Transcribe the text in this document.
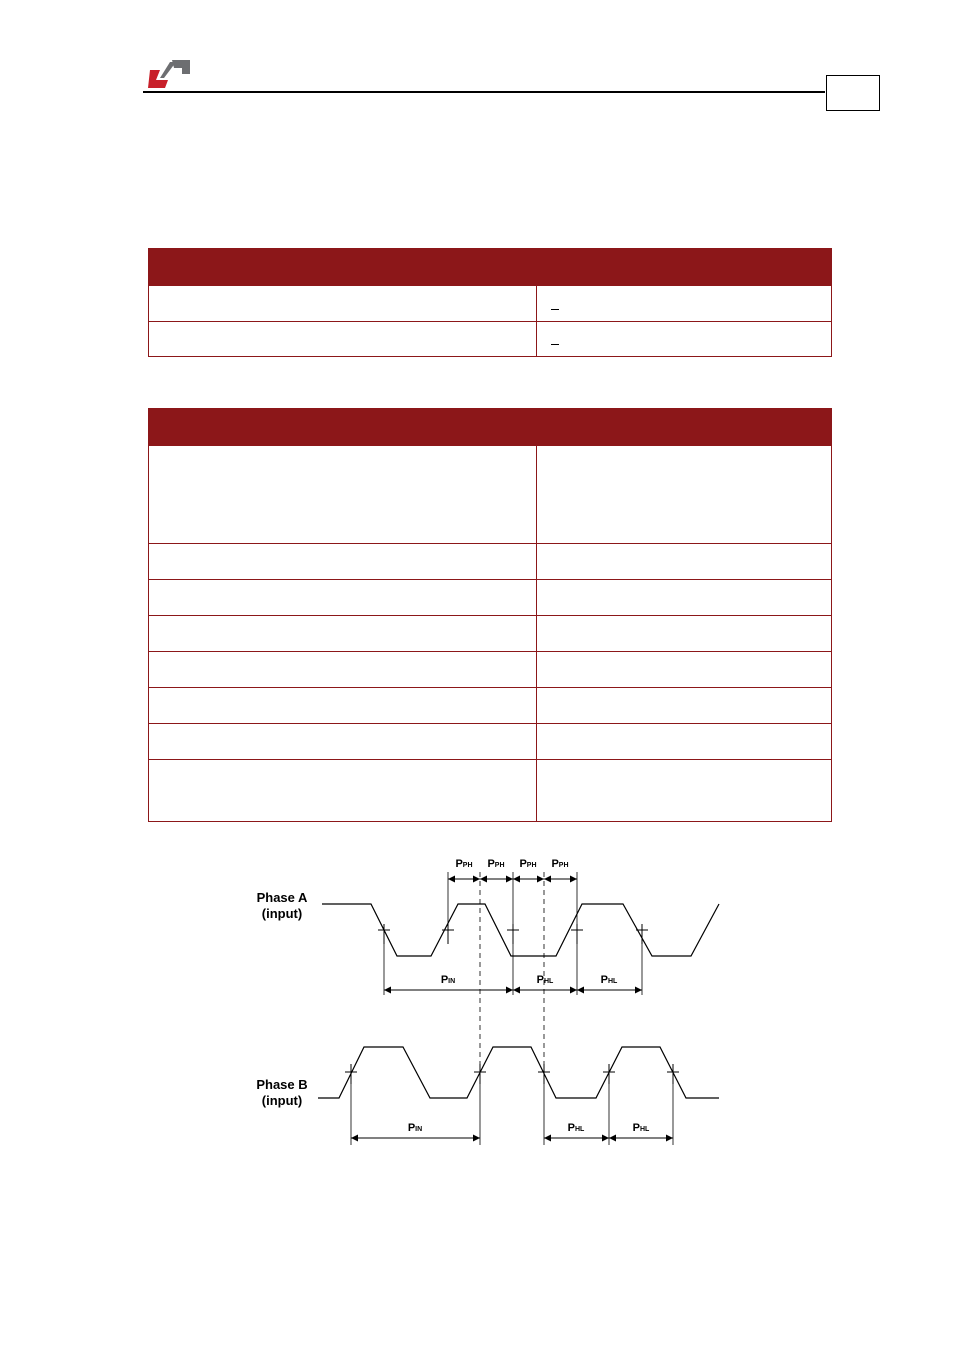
Phase A
(input)
Phase B
(input)
PPH PPH PPH PPH
PIN	PHL	PHL
PIN	PHL	PHL
